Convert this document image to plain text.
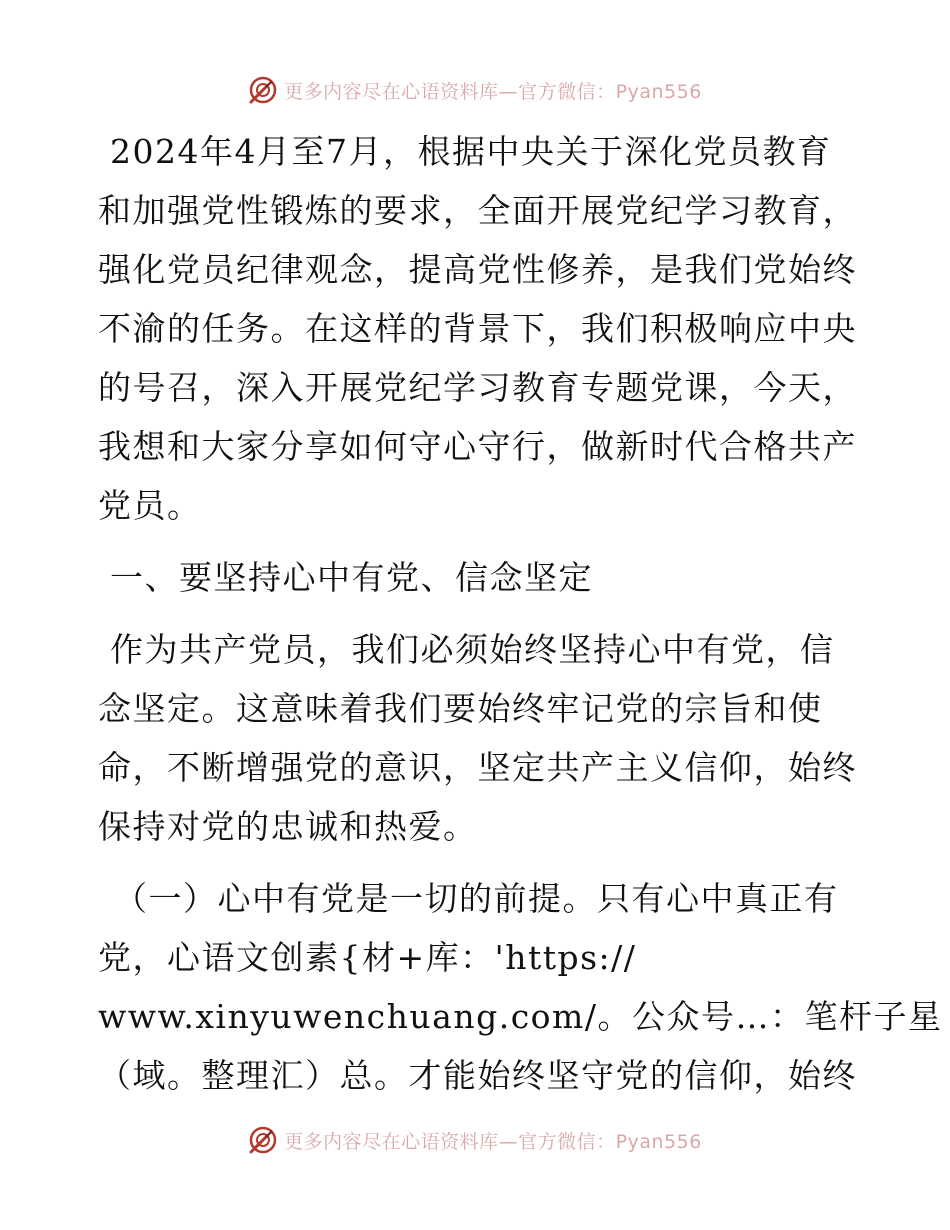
更多内容尽在心语资料库—官方微信：Pyan556
2024年4月至7月，根据中央关于深化党员教育
和加强党性锻炼的要求，全面开展党纪学习教育，
强化党员纪律观念，提高党性修养，是我们党始终
不渝的任务。在这样的背景下，我们积极响应中央
的号召，深入开展党纪学习教育专题党课，今天，
我想和大家分享如何守心守行，做新时代合格共产
党员。
一、要坚持心中有党、信念坚定
作为共产党员，我们必须始终坚持心中有党，信
念坚定。这意味着我们要始终牢记党的宗旨和使
命，不断增强党的意识，坚定共产主义信仰，始终
保持对党的忠诚和热爱。
（一）心中有党是一切的前提。只有心中真正有
党，心语文创素{材+库：'https://
www.xinyuwenchuang.com/。公众号…：笔杆子星
（域。整理汇）总。才能始终坚守党的信仰，始终
更多内容尽在心语资料库—官方微信：Pyan556
